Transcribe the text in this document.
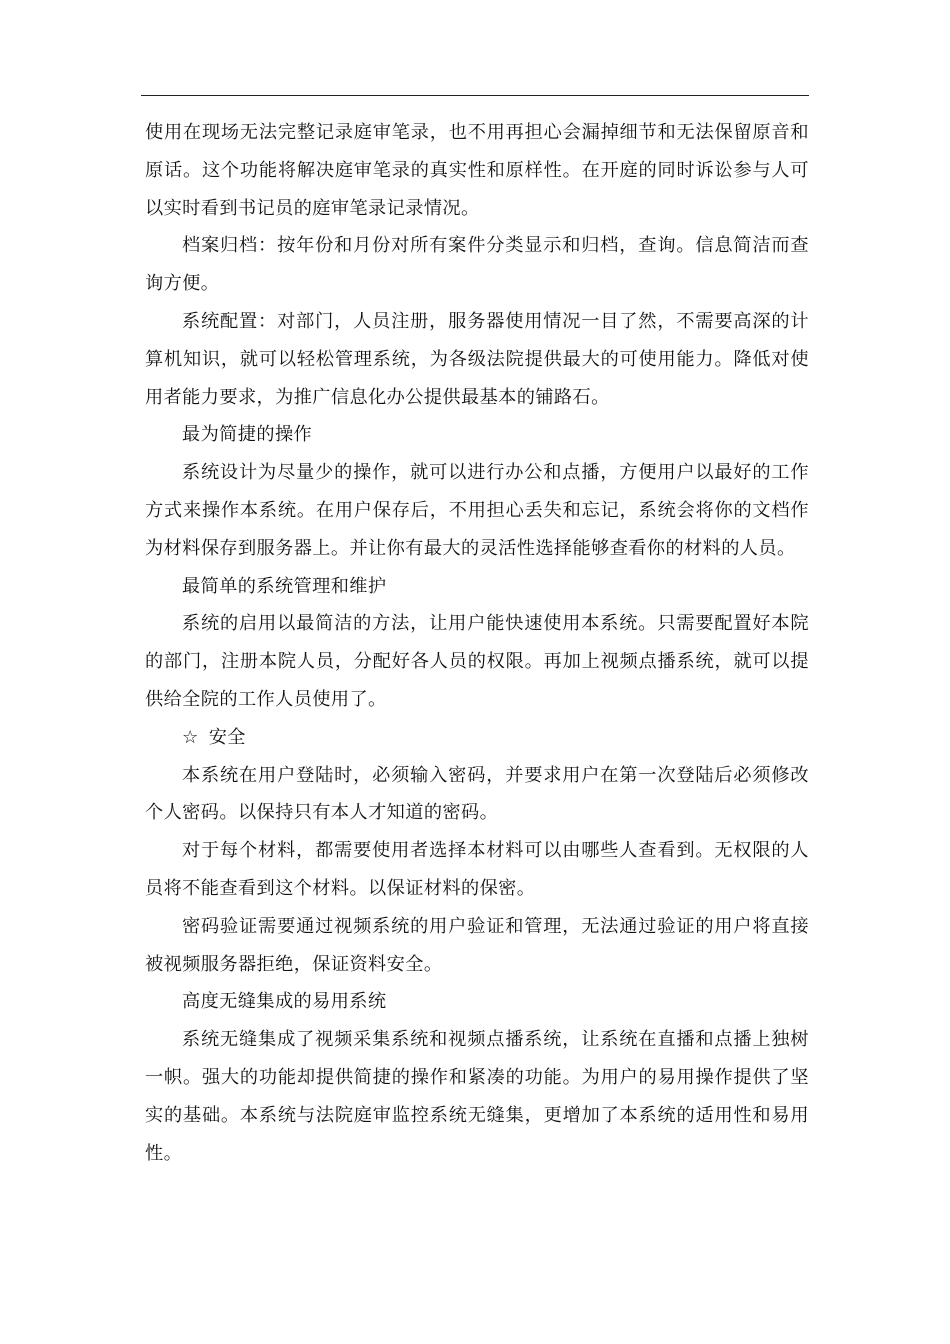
使用在现场无法完整记录庭审笔录，也不用再担心会漏掉细节和无法保留原音和原话。这个功能将解决庭审笔录的真实性和原样性。在开庭的同时诉讼参与人可以实时看到书记员的庭审笔录记录情况。

档案归档：按年份和月份对所有案件分类显示和归档，查询。信息简洁而查询方便。

系统配置：对部门，人员注册，服务器使用情况一目了然，不需要高深的计算机知识，就可以轻松管理系统，为各级法院提供最大的可使用能力。降低对使用者能力要求，为推广信息化办公提供最基本的铺路石。

最为简捷的操作

系统设计为尽量少的操作，就可以进行办公和点播，方便用户以最好的工作方式来操作本系统。在用户保存后，不用担心丢失和忘记，系统会将你的文档作为材料保存到服务器上。并让你有最大的灵活性选择能够查看你的材料的人员。

最简单的系统管理和维护

系统的启用以最简洁的方法，让用户能快速使用本系统。只需要配置好本院的部门，注册本院人员，分配好各人员的权限。再加上视频点播系统，就可以提供给全院的工作人员使用了。

☆ 安全

本系统在用户登陆时，必须输入密码，并要求用户在第一次登陆后必须修改个人密码。以保持只有本人才知道的密码。

对于每个材料，都需要使用者选择本材料可以由哪些人查看到。无权限的人员将不能查看到这个材料。以保证材料的保密。

密码验证需要通过视频系统的用户验证和管理，无法通过验证的用户将直接被视频服务器拒绝，保证资料安全。

高度无缝集成的易用系统

系统无缝集成了视频采集系统和视频点播系统，让系统在直播和点播上独树一帜。强大的功能却提供简捷的操作和紧凑的功能。为用户的易用操作提供了坚实的基础。本系统与法院庭审监控系统无缝集，更增加了本系统的适用性和易用性。
